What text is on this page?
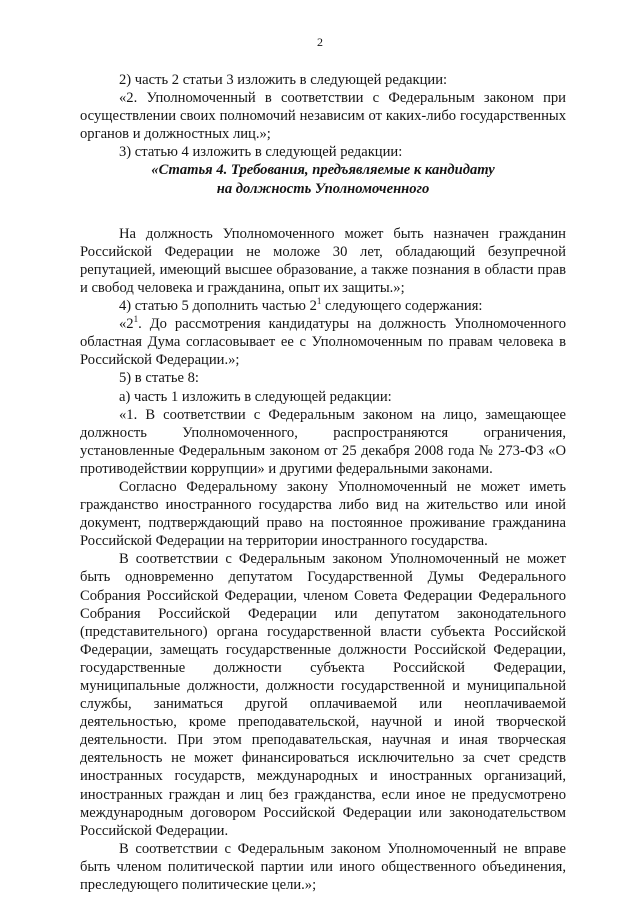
2

2) часть 2 статьи 3 изложить в следующей редакции:

«2. Уполномоченный в соответствии с Федеральным законом при осуществлении своих полномочий независим от каких-либо государственных органов и должностных лиц.»;

3) статью 4 изложить в следующей редакции:

«Статья 4. Требования, предъявляемые к кандидату
на должность Уполномоченного

На должность Уполномоченного может быть назначен гражданин Российской Федерации не моложе 30 лет, обладающий безупречной репутацией, имеющий высшее образование, а также познания в области прав и свобод человека и гражданина, опыт их защиты.»;

4) статью 5 дополнить частью $2^1$ следующего содержания:

«$2^1$. До рассмотрения кандидатуры на должность Уполномоченного областная Дума согласовывает ее с Уполномоченным по правам человека в Российской Федерации.»;

5) в статье 8:

а) часть 1 изложить в следующей редакции:

«1. В соответствии с Федеральным законом на лицо, замещающее должность Уполномоченного, распространяются ограничения, установленные Федеральным законом от 25 декабря 2008 года № 273-ФЗ «О противодействии коррупции» и другими федеральными законами.

Согласно Федеральному закону Уполномоченный не может иметь гражданство иностранного государства либо вид на жительство или иной документ, подтверждающий право на постоянное проживание гражданина Российской Федерации на территории иностранного государства.

В соответствии с Федеральным законом Уполномоченный не может быть одновременно депутатом Государственной Думы Федерального Собрания Российской Федерации, членом Совета Федерации Федерального Собрания Российской Федерации или депутатом законодательного (представительного) органа государственной власти субъекта Российской Федерации, замещать государственные должности Российской Федерации, государственные должности субъекта Российской Федерации, муниципальные должности, должности государственной и муниципальной службы, заниматься другой оплачиваемой или неоплачиваемой деятельностью, кроме преподавательской, научной и иной творческой деятельности. При этом преподавательская, научная и иная творческая деятельность не может финансироваться исключительно за счет средств иностранных государств, международных и иностранных организаций, иностранных граждан и лиц без гражданства, если иное не предусмотрено международным договором Российской Федерации или законодательством Российской Федерации.

В соответствии с Федеральным законом Уполномоченный не вправе быть членом политической партии или иного общественного объединения, преследующего политические цели.»;
